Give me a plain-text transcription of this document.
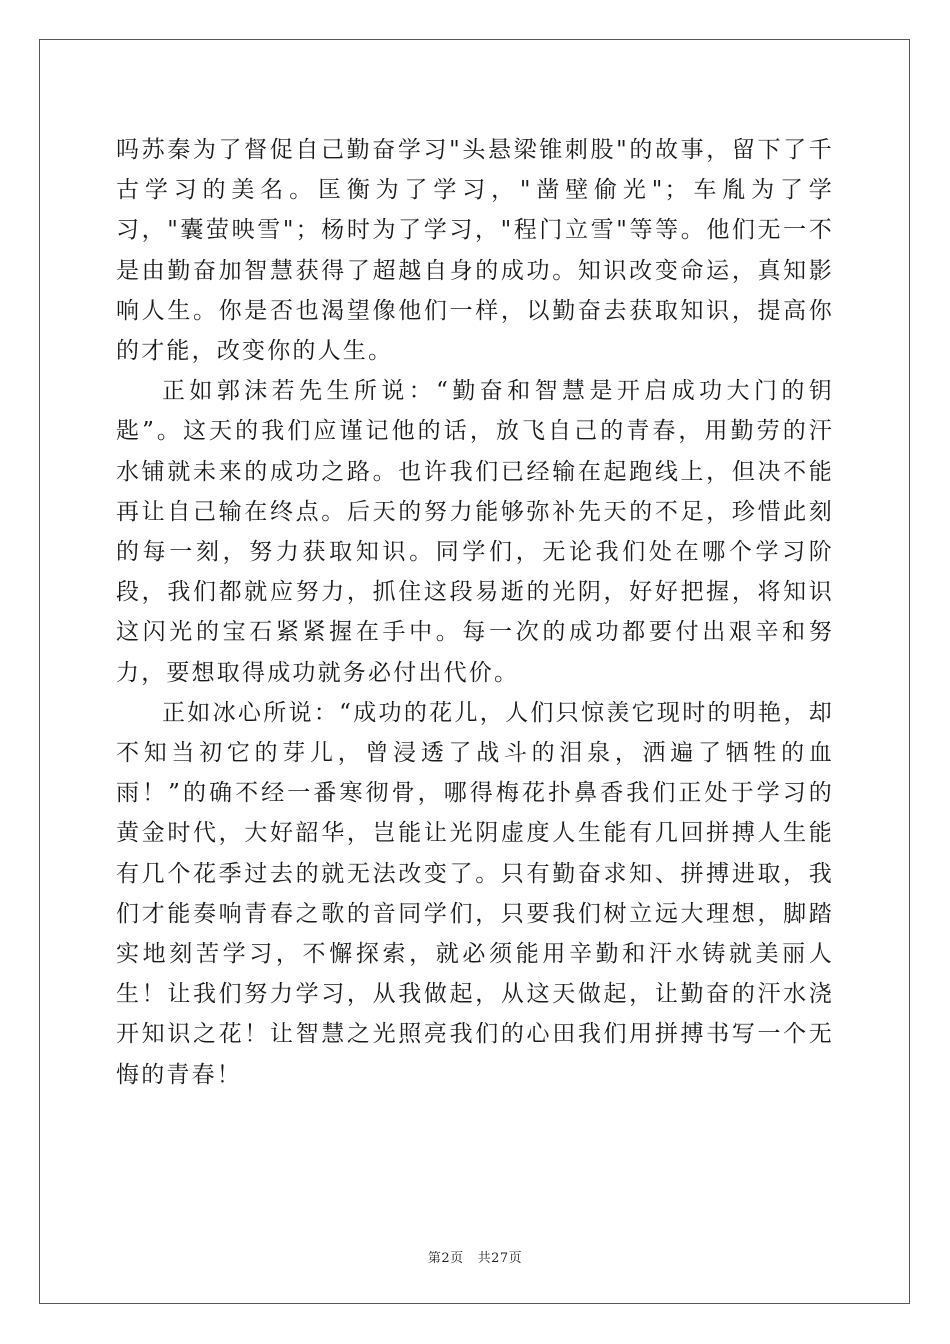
吗苏秦为了督促自己勤奋学习"头悬梁锥刺股"的故事，留下了千古学习的美名。匡衡为了学习，"凿壁偷光"；车胤为了学习，"囊萤映雪"；杨时为了学习，"程门立雪"等等。他们无一不是由勤奋加智慧获得了超越自身的成功。知识改变命运，真知影响人生。你是否也渴望像他们一样，以勤奋去获取知识，提高你的才能，改变你的人生。

正如郭沫若先生所说：“勤奋和智慧是开启成功大门的钥匙”。这天的我们应谨记他的话，放飞自己的青春，用勤劳的汗水铺就未来的成功之路。也许我们已经输在起跑线上，但决不能再让自己输在终点。后天的努力能够弥补先天的不足，珍惜此刻的每一刻，努力获取知识。同学们，无论我们处在哪个学习阶段，我们都就应努力，抓住这段易逝的光阴，好好把握，将知识这闪光的宝石紧紧握在手中。每一次的成功都要付出艰辛和努力，要想取得成功就务必付出代价。

正如冰心所说：“成功的花儿，人们只惊羡它现时的明艳，却不知当初它的芽儿，曾浸透了战斗的泪泉，洒遍了牺牲的血雨！”的确不经一番寒彻骨，哪得梅花扑鼻香我们正处于学习的黄金时代，大好韶华，岂能让光阴虚度人生能有几回拼搏人生能有几个花季过去的就无法改变了。只有勤奋求知、拼搏进取，我们才能奏响青春之歌的音同学们，只要我们树立远大理想，脚踏实地刻苦学习，不懈探索，就必须能用辛勤和汗水铸就美丽人生！让我们努力学习，从我做起，从这天做起，让勤奋的汗水浇开知识之花！让智慧之光照亮我们的心田我们用拼搏书写一个无悔的青春！

第2页 共27页
